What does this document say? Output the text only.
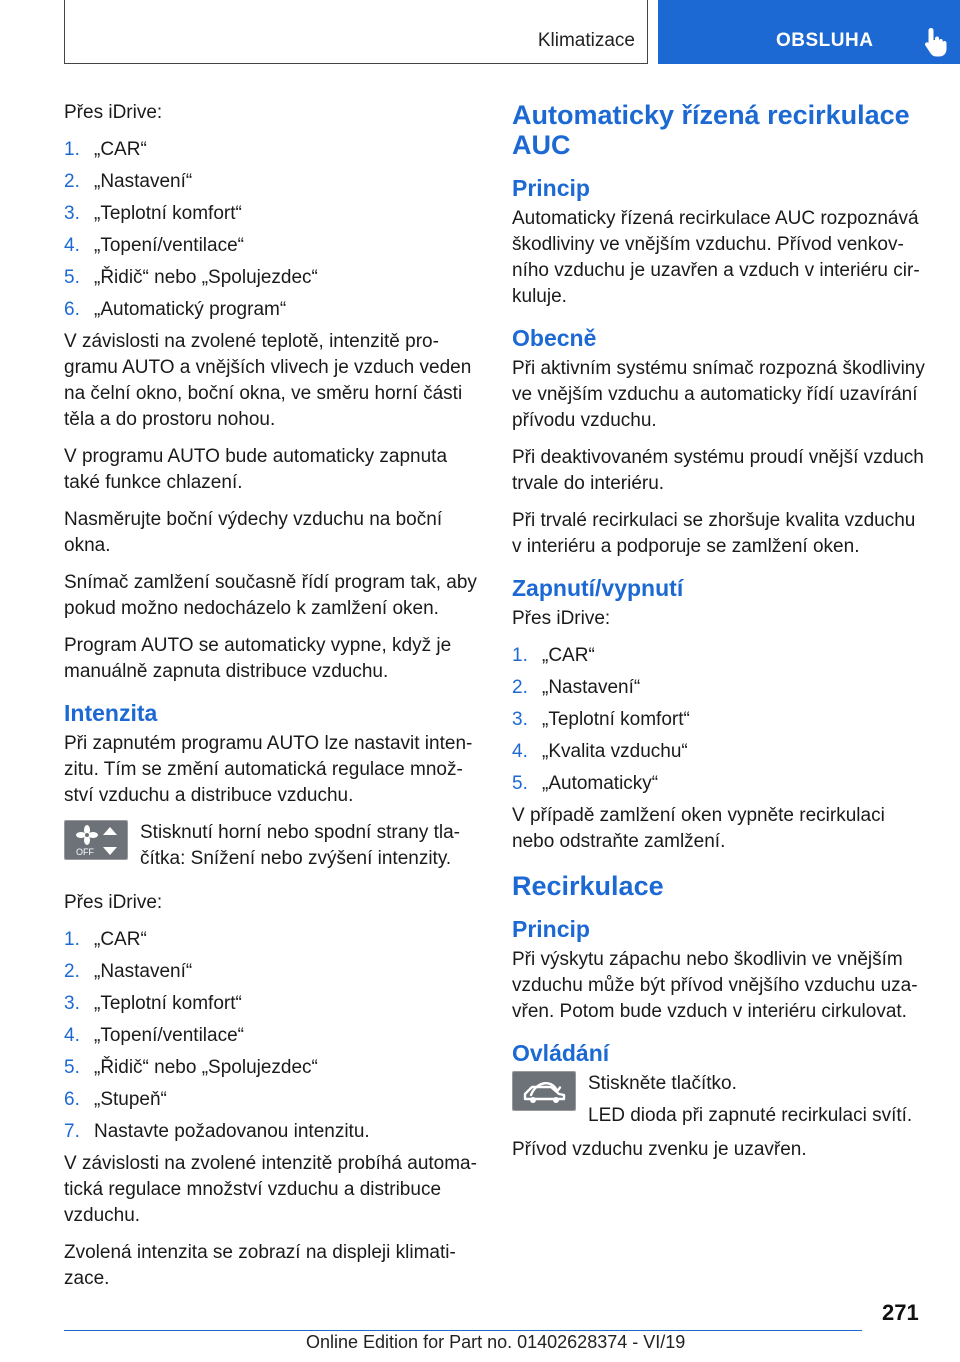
Klimatizace	OBSLUHA

Přes iDrive:

1. „CAR“
2. „Nastavení“
3. „Teplotní komfort“
4. „Topení/ventilace“
5. „Řidič“ nebo „Spolujezdec“
6. „Automatický program“

V závislosti na zvolené teplotě, intenzitě pro-gramu AUTO a vnějších vlivech je vzduch veden na čelní okno, boční okna, ve směru horní části těla a do prostoru nohou.

V programu AUTO bude automaticky zapnuta také funkce chlazení.

Nasměrujte boční výdechy vzduchu na boční okna.

Snímač zamlžení současně řídí program tak, aby pokud možno nedocházelo k zamlžení oken.

Program AUTO se automaticky vypne, když je manuálně zapnuta distribuce vzduchu.

Intenzita

Při zapnutém programu AUTO lze nastavit inten-zitu. Tím se změní automatická regulace množ-ství vzduchu a distribuce vzduchu.

OFF

Stisknutí horní nebo spodní strany tla-čítka: Snížení nebo zvýšení intenzity.

Přes iDrive:

1. „CAR“
2. „Nastavení“
3. „Teplotní komfort“
4. „Topení/ventilace“
5. „Řidič“ nebo „Spolujezdec“
6. „Stupeň“
7. Nastavte požadovanou intenzitu.

V závislosti na zvolené intenzitě probíhá automa-tická regulace množství vzduchu a distribuce vzduchu.

Zvolená intenzita se zobrazí na displeji klimati-zace.

Automaticky řízená recirkulace AUC
Princip

Automaticky řízená recirkulace AUC rozpoznává škodliviny ve vnějším vzduchu. Přívod venkov-ního vzduchu je uzavřen a vzduch v interiéru cir-kuluje.

Obecně

Při aktivním systému snímač rozpozná škodliviny ve vnějším vzduchu a automaticky řídí uzavírání přívodu vzduchu.

Při deaktivovaném systému proudí vnější vzduch trvale do interiéru.

Při trvalé recirkulaci se zhoršuje kvalita vzduchu v interiéru a podporuje se zamlžení oken.

Zapnutí/vypnutí

Přes iDrive:

1. „CAR“
2. „Nastavení“
3. „Teplotní komfort“
4. „Kvalita vzduchu“
5. „Automaticky“

V případě zamlžení oken vypněte recirkulaci nebo odstraňte zamlžení.

Recirkulace
Princip

Při výskytu zápachu nebo škodlivin ve vnějším vzduchu může být přívod vnějšího vzduchu uza-vřen. Potom bude vzduch v interiéru cirkulovat.

Ovládání

Stiskněte tlačítko.

LED dioda při zapnuté recirkulaci svítí.

Přívod vzduchu zvenku je uzavřen.

271
Online Edition for Part no. 01402628374 - VI/19
